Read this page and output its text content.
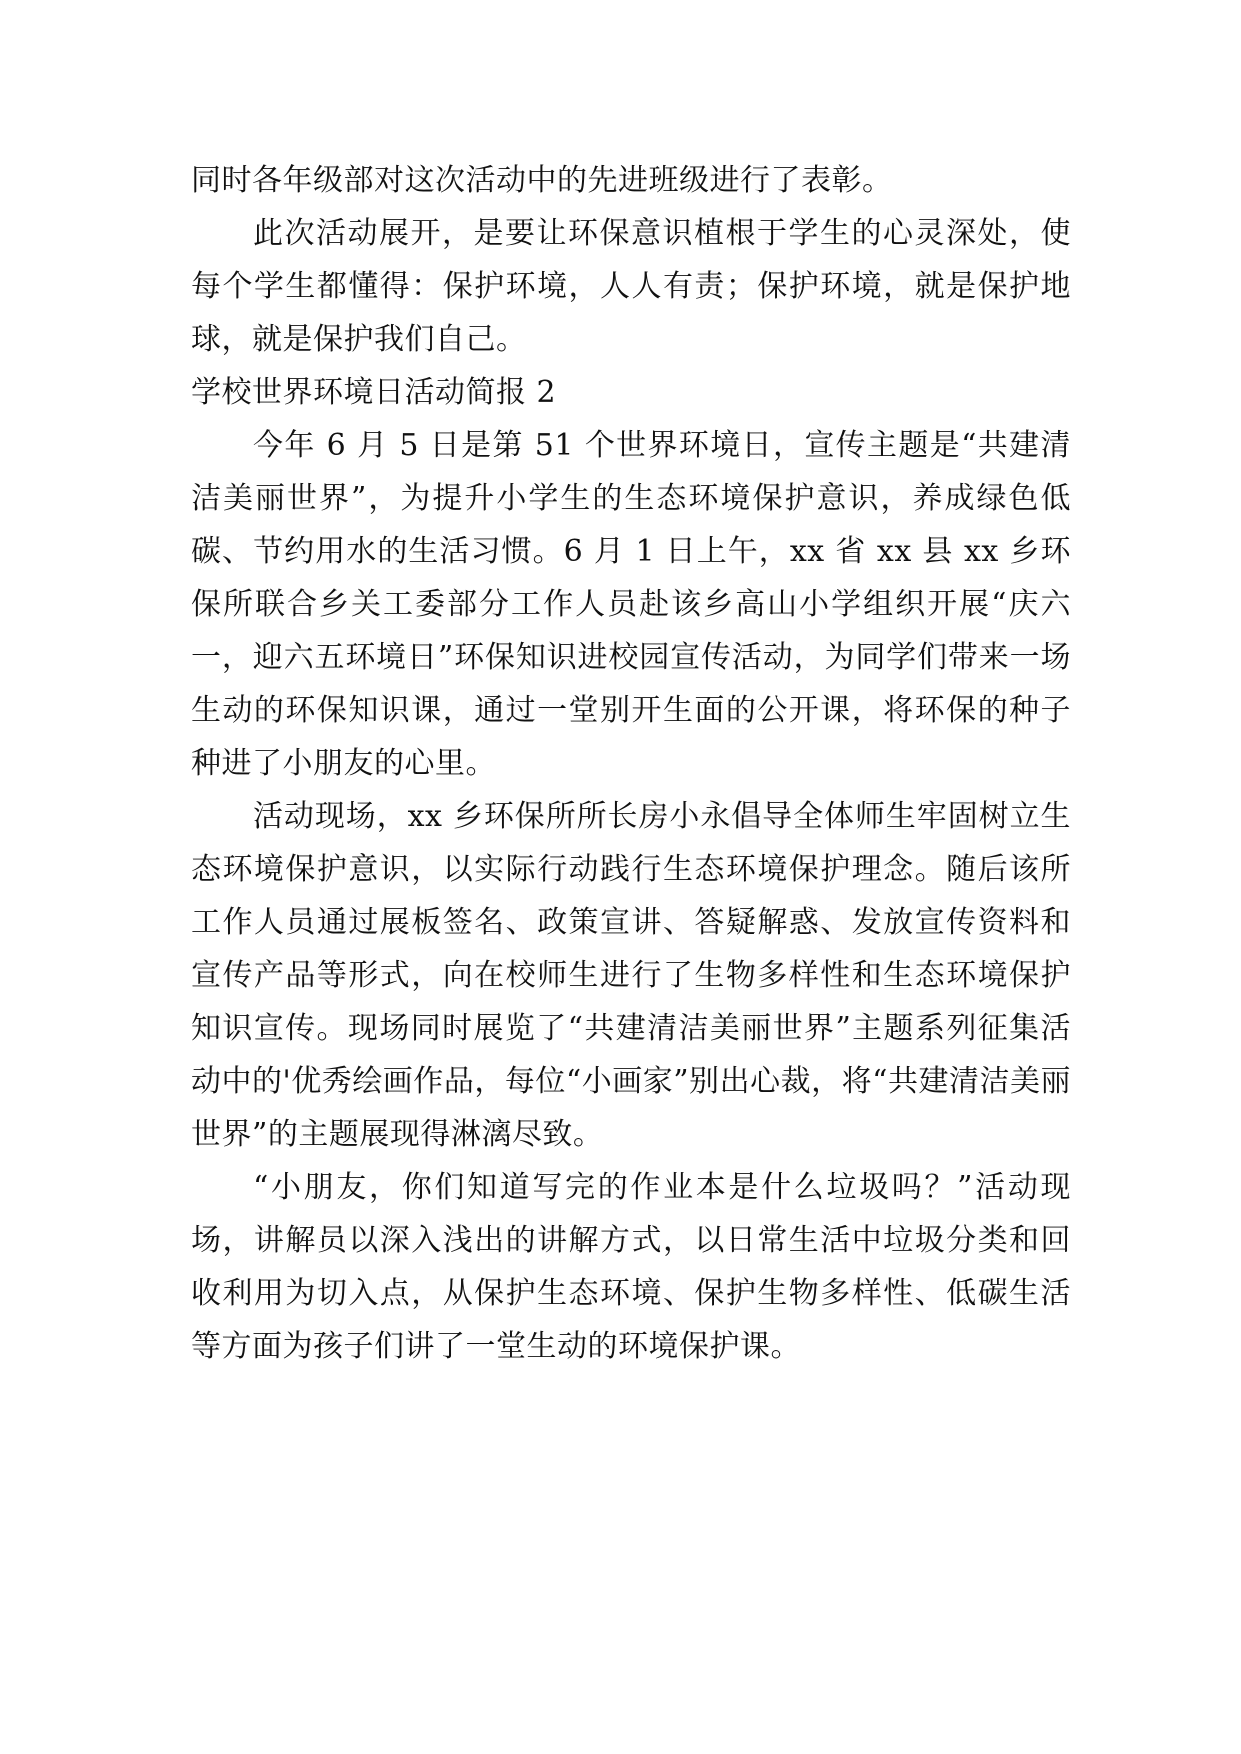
同时各年级部对这次活动中的先进班级进行了表彰。

此次活动展开，是要让环保意识植根于学生的心灵深处，使每个学生都懂得：保护环境，人人有责；保护环境，就是保护地球，就是保护我们自己。

学校世界环境日活动简报 2

今年 6 月 5 日是第 51 个世界环境日，宣传主题是“共建清洁美丽世界”，为提升小学生的生态环境保护意识，养成绿色低碳、节约用水的生活习惯。6 月 1 日上午，xx 省 xx 县 xx 乡环保所联合乡关工委部分工作人员赴该乡高山小学组织开展“庆六一，迎六五环境日”环保知识进校园宣传活动，为同学们带来一场生动的环保知识课，通过一堂别开生面的公开课，将环保的种子种进了小朋友的心里。

活动现场，xx 乡环保所所长房小永倡导全体师生牢固树立生态环境保护意识，以实际行动践行生态环境保护理念。随后该所工作人员通过展板签名、政策宣讲、答疑解惑、发放宣传资料和宣传产品等形式，向在校师生进行了生物多样性和生态环境保护知识宣传。现场同时展览了“共建清洁美丽世界”主题系列征集活动中的'优秀绘画作品，每位“小画家”别出心裁，将“共建清洁美丽世界”的主题展现得淋漓尽致。

“小朋友，你们知道写完的作业本是什么垃圾吗？”活动现场，讲解员以深入浅出的讲解方式，以日常生活中垃圾分类和回收利用为切入点，从保护生态环境、保护生物多样性、低碳生活等方面为孩子们讲了一堂生动的环境保护课。
